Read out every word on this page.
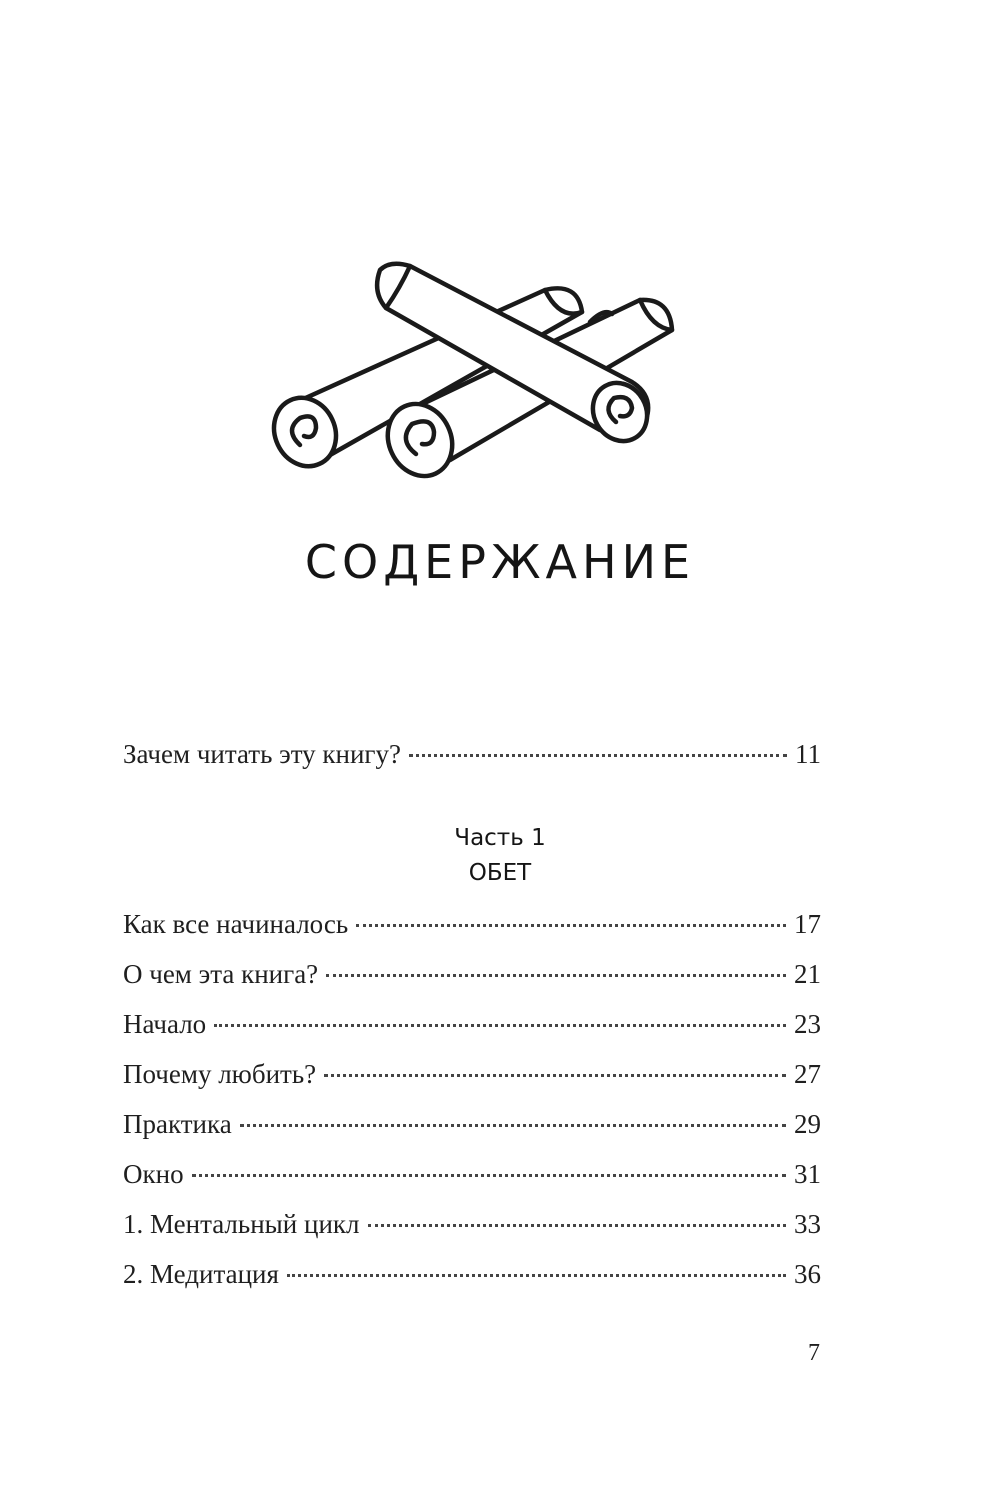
СОДЕРЖАНИЕ
Зачем читать эту книгу?	11
Часть 1
ОБЕТ
Как все начиналось	17
О чем эта книга?	21
Начало	23
Почему любить?	27
Практика	29
Окно	31
1. Ментальный цикл	33
2. Медитация	36
7
